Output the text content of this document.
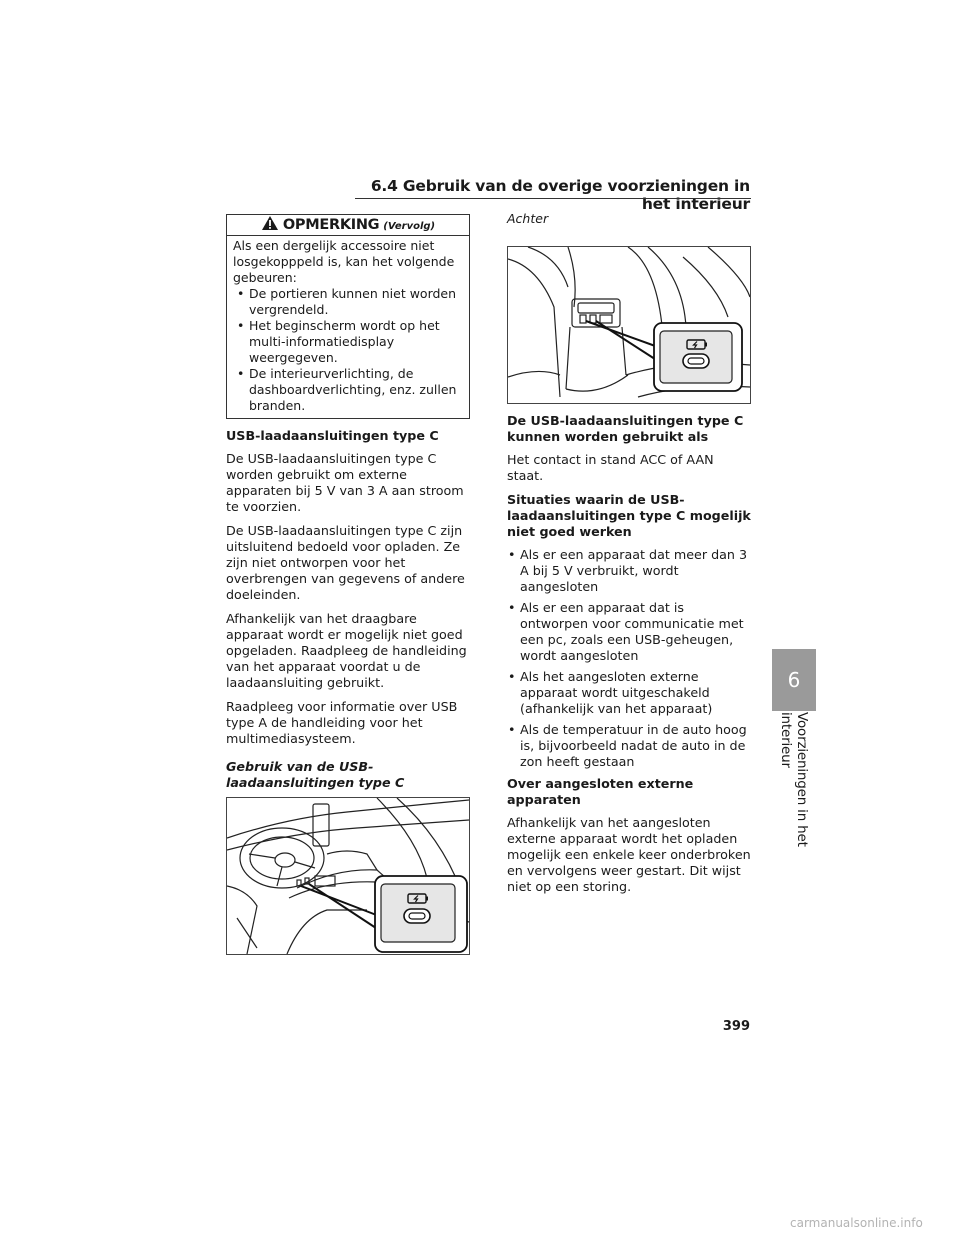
6.4 Gebruik van de overige voorzieningen in het interieur
OPMERKING (Vervolg)

Als een dergelijk accessoire niet losgekopppeld is, kan het volgende gebeuren:

• De portieren kunnen niet worden vergrendeld.
• Het beginscherm wordt op het multi-informatiedisplay weergegeven.
• De interieurverlichting, de dashboardverlichting, enz. zullen branden.

USB-laadaansluitingen type C

De USB-laadaansluitingen type C worden gebruikt om externe apparaten bij 5 V van 3 A aan stroom te voorzien.

De USB-laadaansluitingen type C zijn uitsluitend bedoeld voor opladen. Ze zijn niet ontworpen voor het overbrengen van gegevens of andere doeleinden.

Afhankelijk van het draagbare apparaat wordt er mogelijk niet goed opgeladen. Raadpleeg de handleiding van het apparaat voordat u de laadaansluiting gebruikt.

Raadpleeg voor informatie over USB type A de handleiding voor het multimediasysteem.

Gebruik van de USB-laadaansluitingen type C

Achter

De USB-laadaansluitingen type C kunnen worden gebruikt als

Het contact in stand ACC of AAN staat.

Situaties waarin de USB-laadaansluitingen type C mogelijk niet goed werken

• Als er een apparaat dat meer dan 3 A bij 5 V verbruikt, wordt aangesloten
• Als er een apparaat dat is ontworpen voor communicatie met een pc, zoals een USB-geheugen, wordt aangesloten
• Als het aangesloten externe apparaat wordt uitgeschakeld (afhankelijk van het apparaat)
• Als de temperatuur in de auto hoog is, bijvoorbeeld nadat de auto in de zon heeft gestaan

Over aangesloten externe apparaten

Afhankelijk van het aangesloten externe apparaat wordt het opladen mogelijk een enkele keer onderbroken en vervolgens weer gestart. Dit wijst niet op een storing.

6
Voorzieningen in het interieur
399
carmanualsonline.info
